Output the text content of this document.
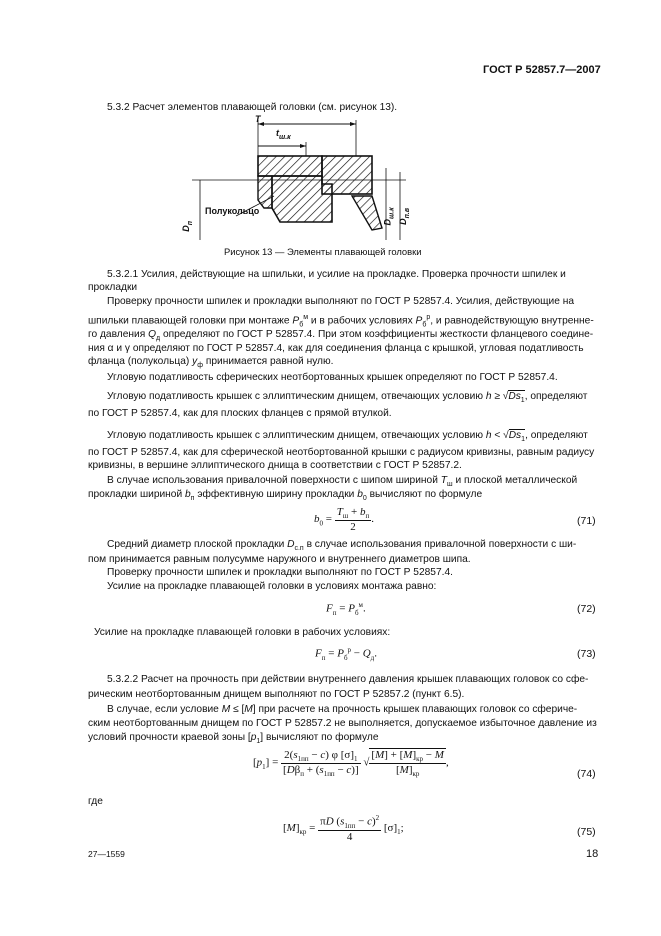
ГОСТ Р 52857.7—2007
5.3.2 Расчет элементов плавающей головки (см. рисунок 13).
T
$t_{ш.к}$
Полукольцо
$D_п$	$D_{ш.к}$
$D_{п.в}$
Рисунок 13 — Элементы плавающей головки
5.3.2.1 Усилия, действующие на шпильки, и усилие на прокладке. Проверка прочности шпилек и
прокладки
Проверку прочности шпилек и прокладки выполняют по ГОСТ Р 52857.4. Усилия, действующие на
шпильки плавающей головки при монтаже $P_б^м$ и в рабочих условиях $P_б^р$, и равнодействующую внутренне-
го давления $Q_д$ определяют по ГОСТ Р 52857.4. При этом коэффициенты жесткости фланцевого соедине-
ния α и γ определяют по ГОСТ Р 52857.4, как для соединения фланца с крышкой, угловая податливость
фланца (полукольца) $y_ф$ принимается равной нулю.
Угловую податливость сферических неотбортованных крышек определяют по ГОСТ Р 52857.4.
Угловую податливость крышек с эллиптическим днищем, отвечающих условию $h \ge √Ds_1$, определяют
по ГОСТ Р 52857.4, как для плоских фланцев с прямой втулкой.
Угловую податливость крышек с эллиптическим днищем, отвечающих условию $h < √Ds_1$, определяют
по ГОСТ Р 52857.4, как для сферической неотбортованной крышки с радиусом кривизны, равным радиусу
кривизны, в вершине эллиптического днища в соответствии с ГОСТ Р 52857.2.
В случае использования привалочной поверхности с шипом шириной $T_ш$ и плоской металлической
прокладки шириной $b_п$ эффективную ширину прокладки $b_0$ вычисляют по формуле
$b_0 = \frac{T_ш + b_п}{2}$ .	(71)
Средний диаметр плоской прокладки $D_{с.п}$ в случае использования привалочной поверхности с ши-
пом принимается равным полусумме наружного и внутреннего диаметров шипа.
Проверку прочности шпилек и прокладки выполняют по ГОСТ Р 52857.4.
Усилие на прокладке плавающей головки в условиях монтажа равно:
$F_п = P_б^м$.	(72)
Усилие на прокладке плавающей головки в рабочих условиях:
$F_п = P_б^р - Q_д$.	(73)
5.3.2.2 Расчет на прочность при действии внутреннего давления крышек плавающих головок со сфе-
рическим неотбортованным днищем выполняют по ГОСТ Р 52857.2 (пункт 6.5).
В случае, если условие M ≤ [M] при расчете на прочность крышек плавающих головок со сфериче-
ским неотбортованным днищем по ГОСТ Р 52857.2 не выполняется, допускаемое избыточное давление из
условий прочности краевой зоны $[p_1]$ вычисляют по формуле
$[p_1] = \frac{2(s_{1пп} - c) \varphi [\sigma]_1}{[D\beta_п + (s_{1пп} - c)]}$ √ $\frac{[M] + [M]_{кр} - M}{[M]_{кр}}$ ,
(74)
где
$[M]_{кр} = \frac{\pi D (s_{1пп} - c)^2}{4} [\sigma]_1$;	(75)
27—1559	18
